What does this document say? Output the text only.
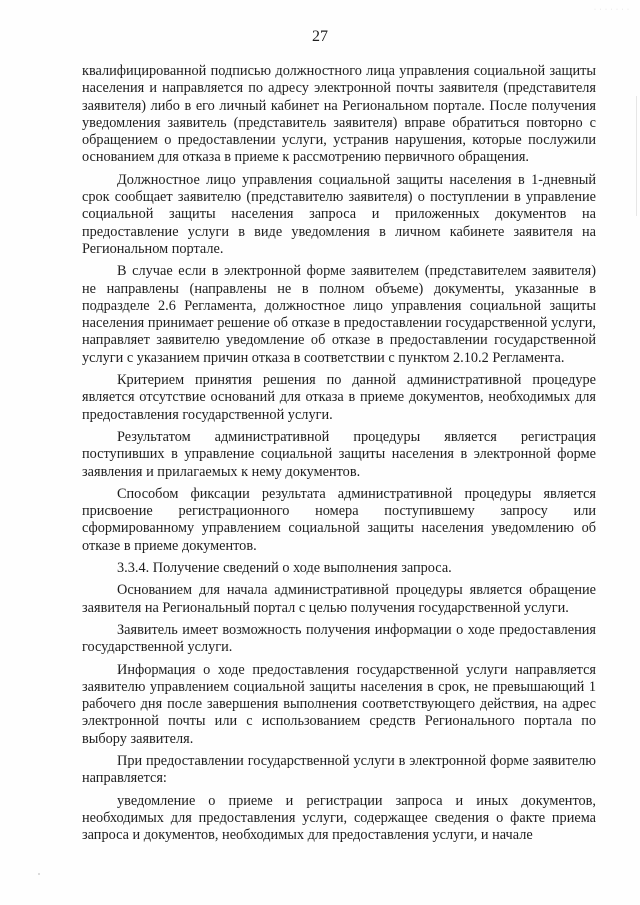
· · · · · · ·
27

квалифицированной подписью должностного лица управления социальной защиты населения и направляется по адресу электронной почты заявителя (представителя заявителя) либо в его личный кабинет на Региональном портале. После получения уведомления заявитель (представитель заявителя) вправе обратиться повторно с обращением о предоставлении услуги, устранив нарушения, которые послужили основанием для отказа в приеме к рассмотрению первичного обращения.

Должностное лицо управления социальной защиты населения в 1-дневный срок сообщает заявителю (представителю заявителя) о поступлении в управление социальной защиты населения запроса и приложенных документов на предоставление услуги в виде уведомления в личном кабинете заявителя на Региональном портале.

В случае если в электронной форме заявителем (представителем заявителя) не направлены (направлены не в полном объеме) документы, указанные в подразделе 2.6 Регламента, должностное лицо управления социальной защиты населения принимает решение об отказе в предоставлении государственной услуги, направляет заявителю уведомление об отказе в предоставлении государственной услуги с указанием причин отказа в соответствии с пунктом 2.10.2 Регламента.

Критерием принятия решения по данной административной процедуре является отсутствие оснований для отказа в приеме документов, необходимых для предоставления государственной услуги.

Результатом административной процедуры является регистрация поступивших в управление социальной защиты населения в электронной форме заявления и прилагаемых к нему документов.

Способом фиксации результата административной процедуры является присвоение регистрационного номера поступившему запросу или сформированному управлением социальной защиты населения уведомлению об отказе в приеме документов.

3.3.4. Получение сведений о ходе выполнения запроса.

Основанием для начала административной процедуры является обращение заявителя на Региональный портал с целью получения государственной услуги.

Заявитель имеет возможность получения информации о ходе предоставления государственной услуги.

Информация о ходе предоставления государственной услуги направляется заявителю управлением социальной защиты населения в срок, не превышающий 1 рабочего дня после завершения выполнения соответствующего действия, на адрес электронной почты или с использованием средств Регионального портала по выбору заявителя.

При предоставлении государственной услуги в электронной форме заявителю направляется:

уведомление о приеме и регистрации запроса и иных документов, необходимых для предоставления услуги, содержащее сведения о факте приема запроса и документов, необходимых для предоставления услуги, и начале
